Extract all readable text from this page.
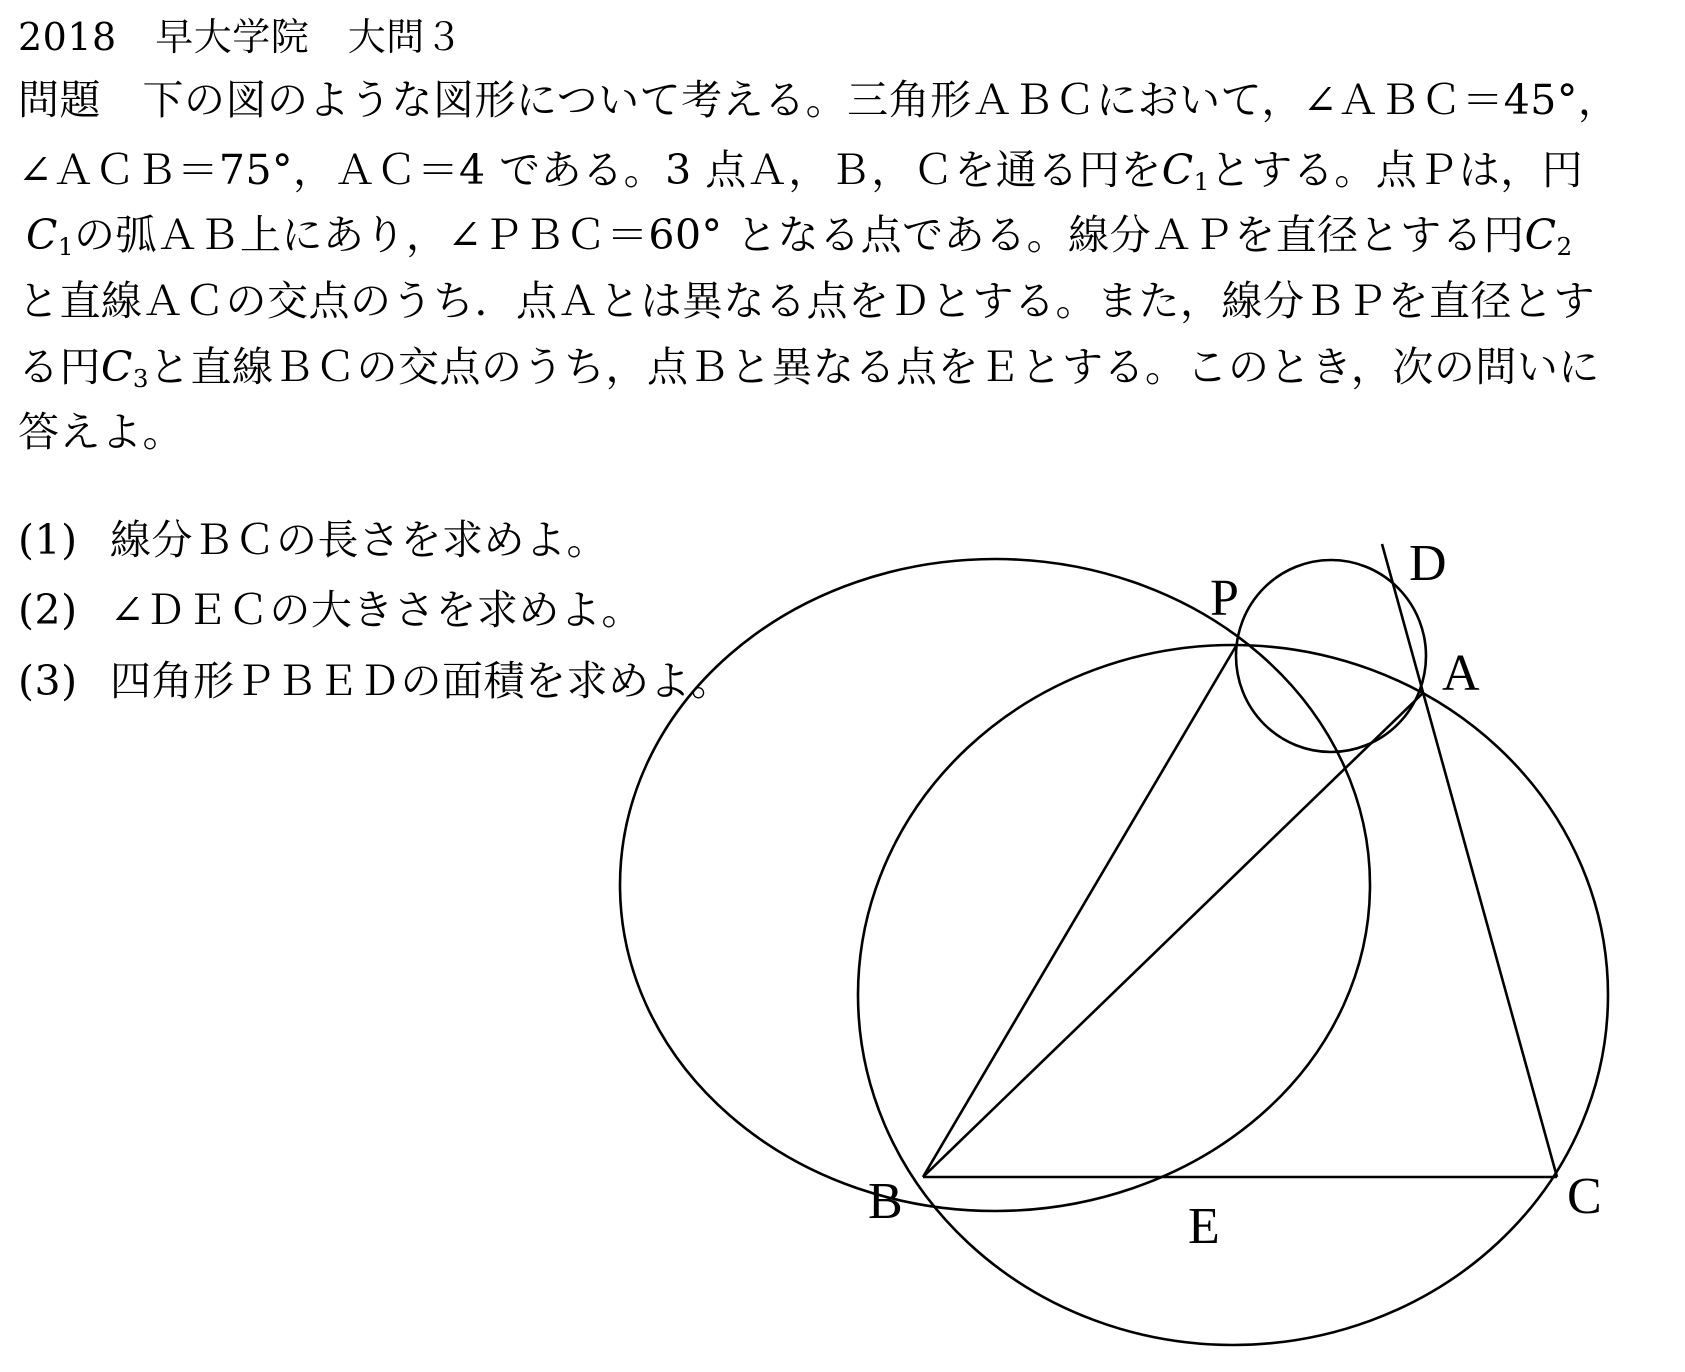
2018　早大学院　大問３
問題　下の図のような図形について考える。三角形ＡＢＣにおいて，∠ＡＢＣ＝45°，
∠ＡＣＢ＝75°，ＡＣ＝4 である。3 点Ａ，Ｂ，Ｃを通る円を$C_1$とする。点Ｐは，円
$C_1$の弧ＡＢ上にあり，∠ＰＢＣ＝60° となる点である。線分ＡＰを直径とする円$C_2$
と直線ＡＣの交点のうち．点Ａとは異なる点をＤとする。また，線分ＢＰを直径とす
る円$C_3$と直線ＢＣの交点のうち，点Ｂと異なる点をＥとする。このとき，次の問いに
答えよ。
(1) 線分ＢＣの長さを求めよ。
(2) ∠ＤＥＣの大きさを求めよ。
(3) 四角形ＰＢＥＤの面積を求めよ。
P
D
A
B	C
E
